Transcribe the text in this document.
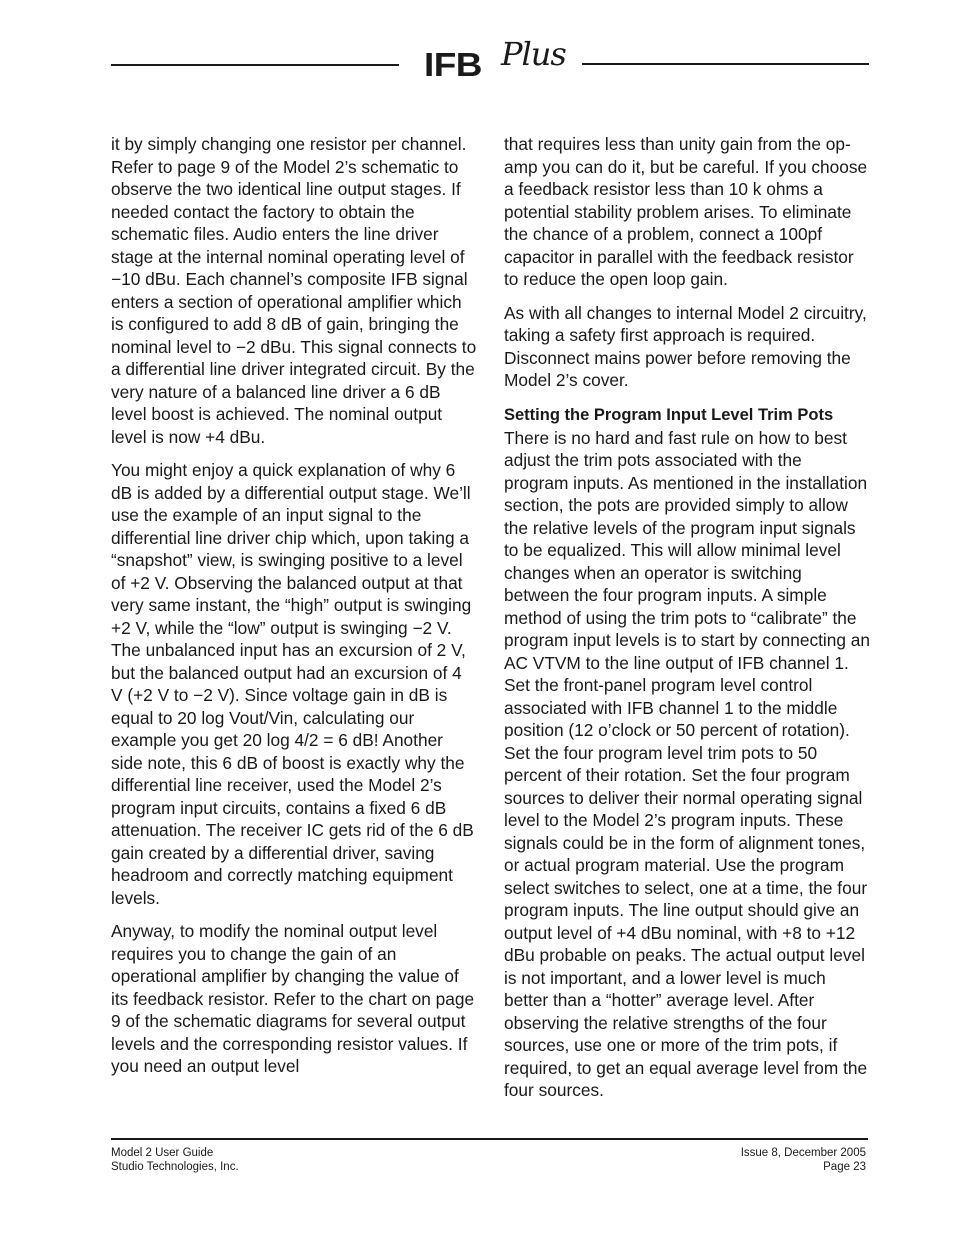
IFB Plus

it by simply changing one resistor per channel. Refer to page 9 of the Model 2’s schematic to observe the two identical line output stages. If needed contact the factory to obtain the schematic files. Audio enters the line driver stage at the internal nominal operating level of −10 dBu. Each channel’s composite IFB signal enters a section of operational amplifier which is configured to add 8 dB of gain, bringing the nominal level to −2 dBu. This signal connects to a differential line driver integrated circuit. By the very nature of a balanced line driver a 6 dB level boost is achieved. The nominal output level is now +4 dBu.

You might enjoy a quick explanation of why 6 dB is added by a differential output stage. We’ll use the example of an input signal to the differential line driver chip which, upon taking a “snapshot” view, is swinging positive to a level of +2 V. Observing the balanced output at that very same instant, the “high” output is swinging +2 V, while the “low” output is swinging −2 V. The unbalanced input has an excursion of 2 V, but the balanced output had an excursion of 4 V (+2 V to −2 V). Since voltage gain in dB is equal to 20 log Vout/Vin, calculating our example you get 20 log 4/2 = 6 dB! Another side note, this 6 dB of boost is exactly why the differential line receiver, used the Model 2’s program input circuits, contains a fixed 6 dB attenuation. The receiver IC gets rid of the 6 dB gain created by a differential driver, saving headroom and correctly matching equipment levels.

Anyway, to modify the nominal output level requires you to change the gain of an operational amplifier by changing the value of its feedback resistor. Refer to the chart on page 9 of the schematic diagrams for several output levels and the corresponding resistor values. If you need an output level

that requires less than unity gain from the op-amp you can do it, but be careful. If you choose a feedback resistor less than 10 k ohms a potential stability problem arises. To eliminate the chance of a problem, connect a 100pf capacitor in parallel with the feedback resistor to reduce the open loop gain.

As with all changes to internal Model 2 circuitry, taking a safety first approach is required. Disconnect mains power before removing the Model 2’s cover.

Setting the Program Input Level Trim Pots

There is no hard and fast rule on how to best adjust the trim pots associated with the program inputs. As mentioned in the installation section, the pots are provided simply to allow the relative levels of the program input signals to be equalized. This will allow minimal level changes when an operator is switching between the four program inputs. A simple method of using the trim pots to “calibrate” the program input levels is to start by connecting an AC VTVM to the line output of IFB channel 1. Set the front-panel program level control associated with IFB channel 1 to the middle position (12 o’clock or 50 percent of rotation). Set the four program level trim pots to 50 percent of their rotation. Set the four program sources to deliver their normal operating signal level to the Model 2’s program inputs. These signals could be in the form of alignment tones, or actual program material. Use the program select switches to select, one at a time, the four program inputs. The line output should give an output level of +4 dBu nominal, with +8 to +12 dBu probable on peaks. The actual output level is not important, and a lower level is much better than a “hotter” average level. After observing the relative strengths of the four sources, use one or more of the trim pots, if required, to get an equal average level from the four sources.

Model 2 User Guide
Studio Technologies, Inc.
Issue 8, December 2005
Page 23
